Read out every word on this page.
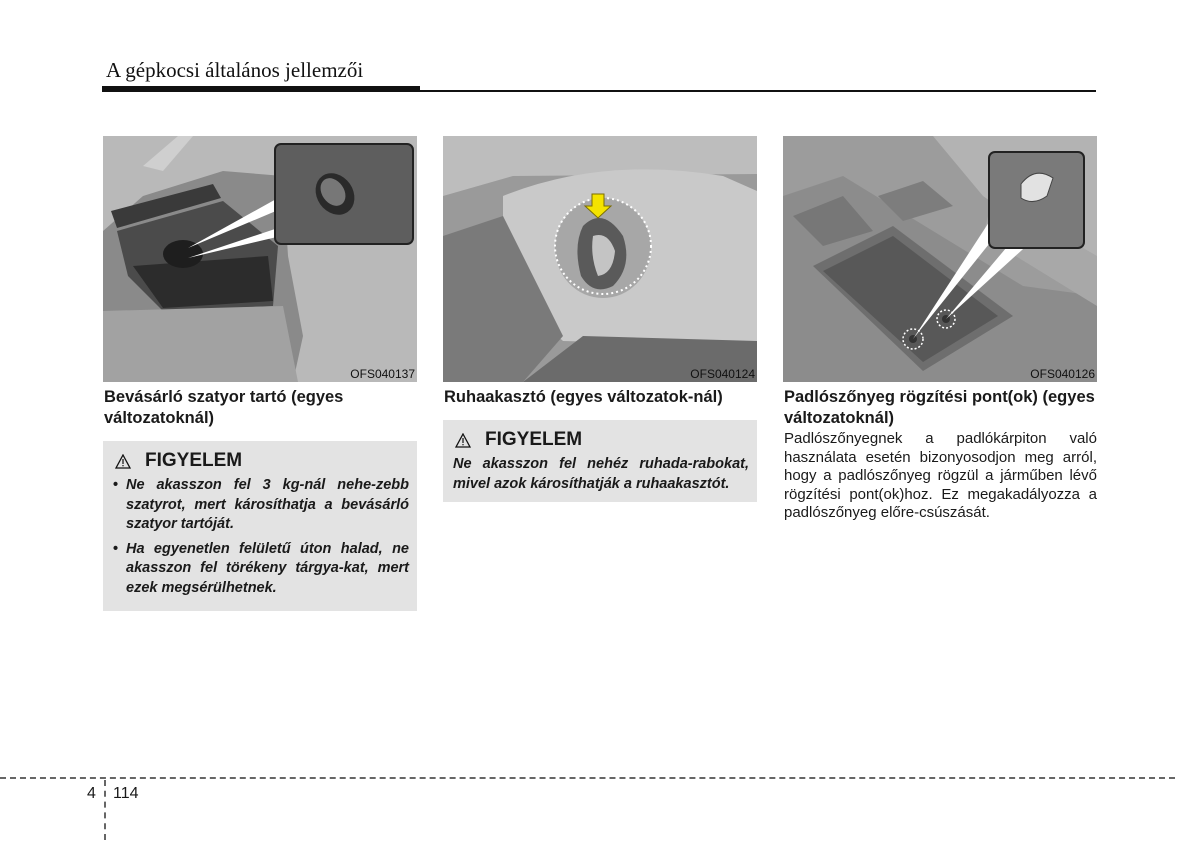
A gépkocsi általános jellemzői
OFS040137
Bevásárló szatyor tartó (egyes változatoknál)
FIGYELEM
• Ne akasszon fel 3 kg-nál nehe-zebb szatyrot, mert károsíthatja a bevásárló szatyor tartóját.
• Ha egyenetlen felületű úton halad, ne akasszon fel törékeny tárgya-kat, mert ezek megsérülhetnek.
OFS040124
Ruhaakasztó (egyes változatok-nál)
FIGYELEM
Ne akasszon fel nehéz ruhada-rabokat, mivel azok károsíthatják a ruhaakasztót.
OFS040126
Padlószőnyeg rögzítési pont(ok) (egyes változatoknál)
Padlószőnyegnek a padlókárpiton való használata esetén bizonyosodjon meg arról, hogy a padlószőnyeg rögzül a járműben lévő rögzítési pont(ok)hoz. Ez megakadályozza a padlószőnyeg előre-csúszását.
4 114
